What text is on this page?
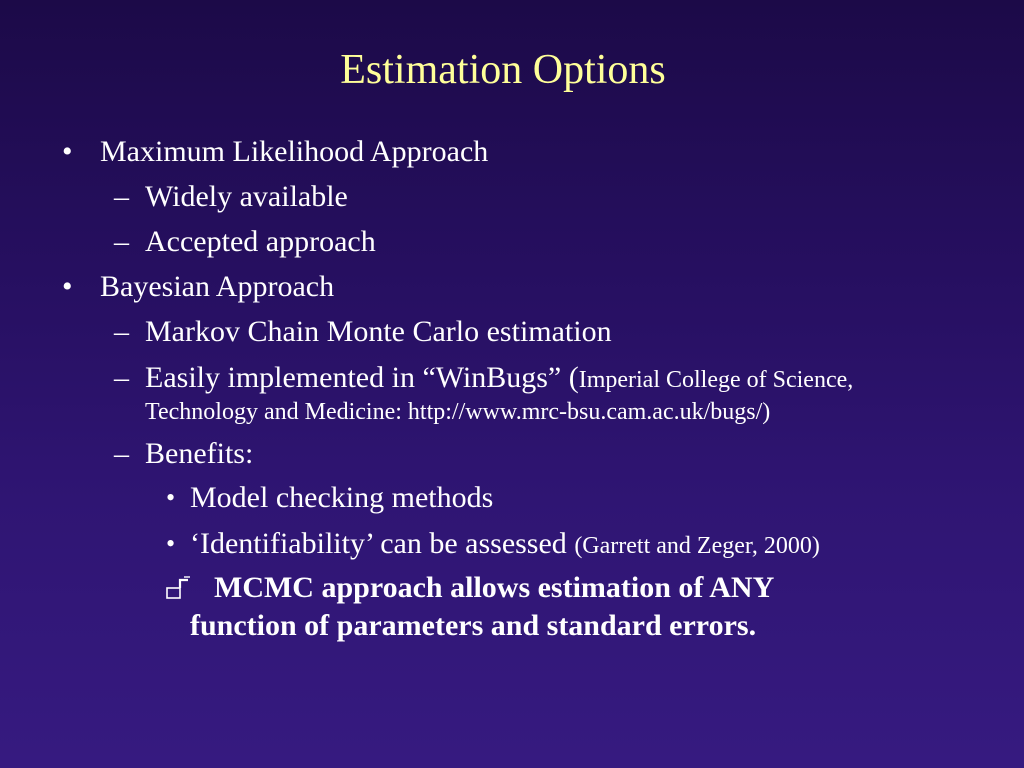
Estimation Options
• Maximum Likelihood Approach
– Widely available
– Accepted approach
• Bayesian Approach
– Markov Chain Monte Carlo estimation
– Easily implemented in “WinBugs” (Imperial College of Science,
Technology and Medicine: http://www.mrc-bsu.cam.ac.uk/bugs/)
– Benefits:
• Model checking methods
• ‘Identifiability’ can be assessed (Garrett and Zeger, 2000)
MCMC approach allows estimation of ANY
function of parameters and standard errors.
